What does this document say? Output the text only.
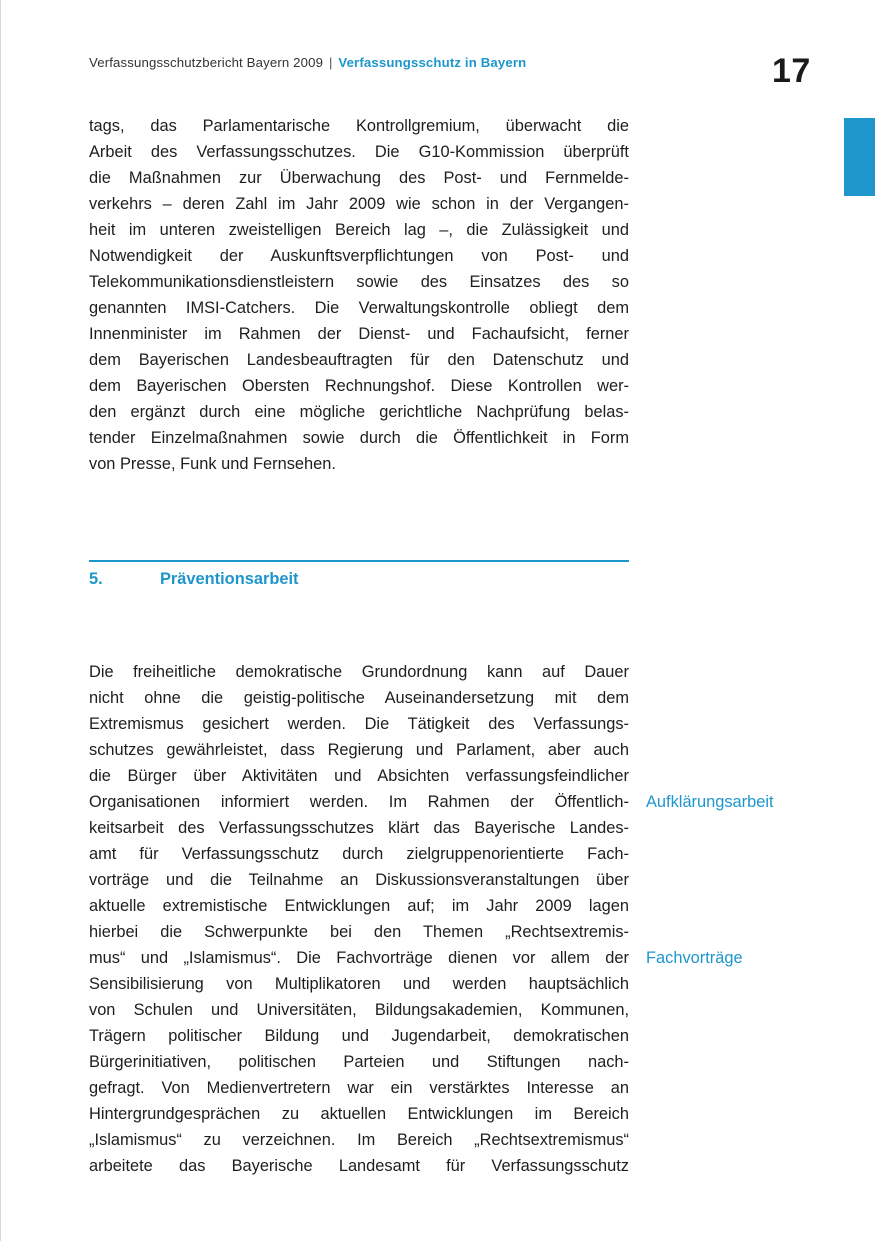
Verfassungsschutzbericht Bayern 2009 | Verfassungsschutz in Bayern	17

tags, das Parlamentarische Kontrollgremium, überwacht die
Arbeit des Verfassungsschutzes. Die G10-Kommission überprüft
die Maßnahmen zur Überwachung des Post- und Fernmelde-
verkehrs – deren Zahl im Jahr 2009 wie schon in der Vergangen-
heit im unteren zweistelligen Bereich lag –, die Zulässigkeit und
Notwendigkeit der Auskunftsverpflichtungen von Post- und
Telekommunikationsdienstleistern sowie des Einsatzes des so
genannten IMSI-Catchers. Die Verwaltungskontrolle obliegt dem
Innenminister im Rahmen der Dienst- und Fachaufsicht, ferner
dem Bayerischen Landesbeauftragten für den Datenschutz und
dem Bayerischen Obersten Rechnungshof. Diese Kontrollen wer-
den ergänzt durch eine mögliche gerichtliche Nachprüfung belas-
tender Einzelmaßnahmen sowie durch die Öffentlichkeit in Form
von Presse, Funk und Fernsehen.

5.	Präventionsarbeit

Die freiheitliche demokratische Grundordnung kann auf Dauer
nicht ohne die geistig-politische Auseinandersetzung mit dem
Extremismus gesichert werden. Die Tätigkeit des Verfassungs-
schutzes gewährleistet, dass Regierung und Parlament, aber auch
die Bürger über Aktivitäten und Absichten verfassungsfeindlicher
Organisationen informiert werden. Im Rahmen der Öffentlich-
keitsarbeit des Verfassungsschutzes klärt das Bayerische Landes-
amt für Verfassungsschutz durch zielgruppenorientierte Fach-
vorträge und die Teilnahme an Diskussionsveranstaltungen über
aktuelle extremistische Entwicklungen auf; im Jahr 2009 lagen
hierbei die Schwerpunkte bei den Themen „Rechtsextremis-
mus“ und „Islamismus“. Die Fachvorträge dienen vor allem der
Sensibilisierung von Multiplikatoren und werden hauptsächlich
von Schulen und Universitäten, Bildungsakademien, Kommunen,
Trägern politischer Bildung und Jugendarbeit, demokratischen
Bürgerinitiativen, politischen Parteien und Stiftungen nach-
gefragt. Von Medienvertretern war ein verstärktes Interesse an
Hintergrundgesprächen zu aktuellen Entwicklungen im Bereich
„Islamismus“ zu verzeichnen. Im Bereich „Rechtsextremismus“
arbeitete das Bayerische Landesamt für Verfassungsschutz

Aufklärungsarbeit
Fachvorträge
